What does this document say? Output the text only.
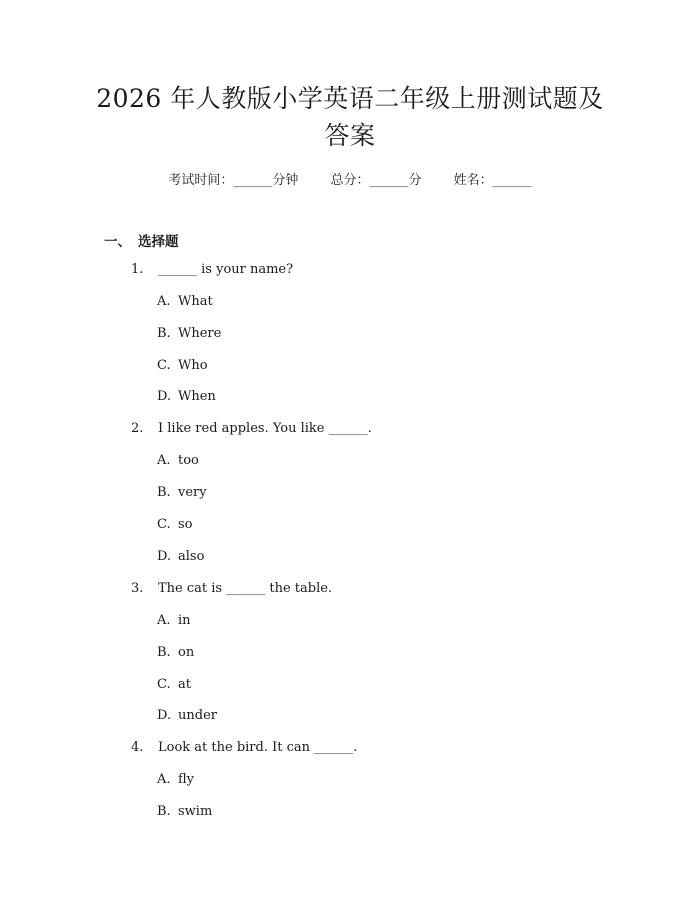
2026 年人教版小学英语二年级上册测试题及
答案
考试时间：______分钟 总分：______分 姓名：______
一、 选择题
1. ______ is your name?
A. What
B. Where
C. Who
D. When
2. I like red apples. You like ______.
A. too
B. very
C. so
D. also
3. The cat is ______ the table.
A. in
B. on
C. at
D. under
4. Look at the bird. It can ______.
A. fly
B. swim
